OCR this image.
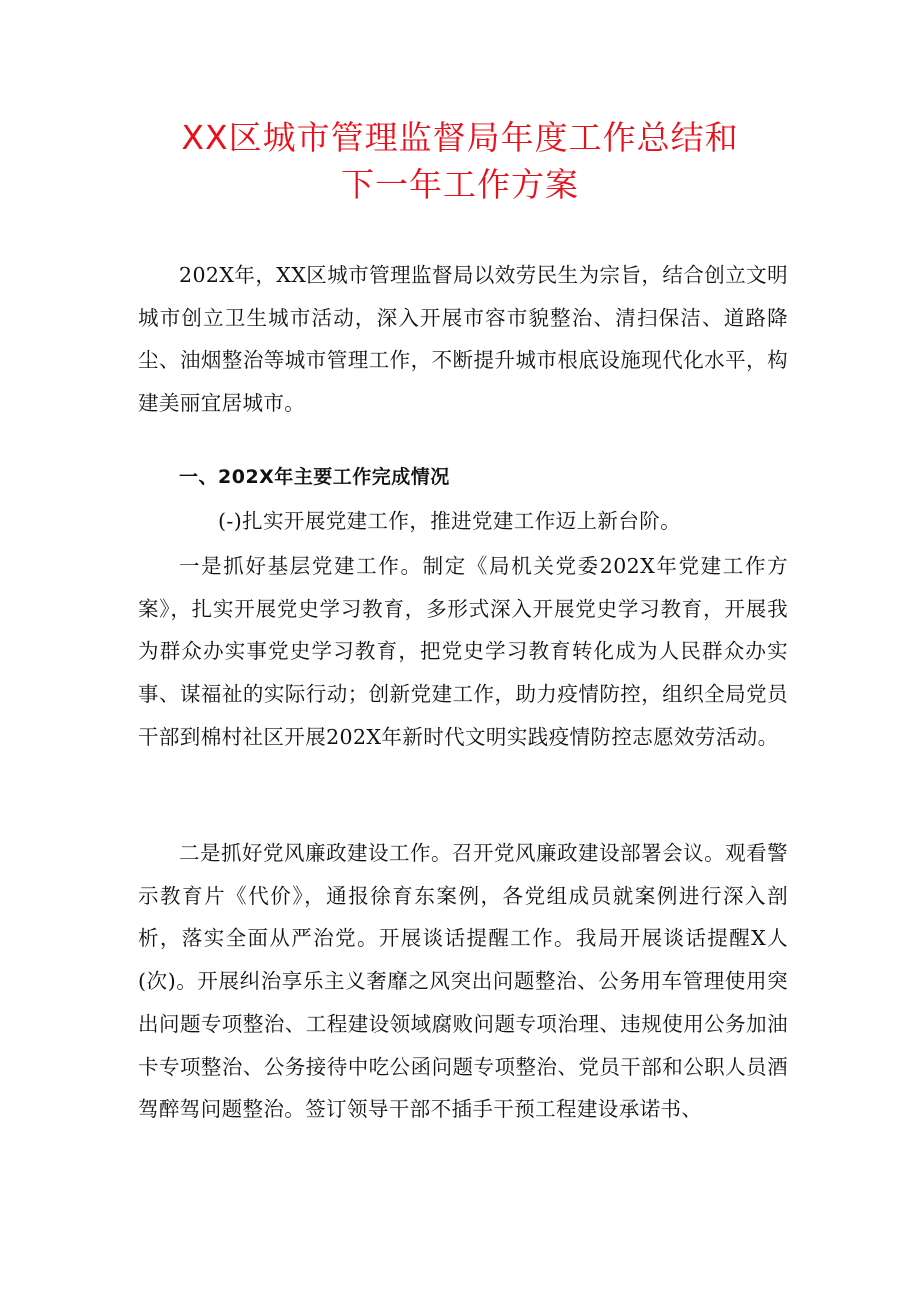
XX区城市管理监督局年度工作总结和
下一年工作方案

202X年，XX区城市管理监督局以效劳民生为宗旨，结合创立文明城市创立卫生城市活动，深入开展市容市貌整治、清扫保洁、道路降尘、油烟整治等城市管理工作，不断提升城市根底设施现代化水平，构建美丽宜居城市。

一、202X年主要工作完成情况

(-)扎实开展党建工作，推进党建工作迈上新台阶。

一是抓好基层党建工作。制定《局机关党委202X年党建工作方案》，扎实开展党史学习教育，多形式深入开展党史学习教育，开展我为群众办实事党史学习教育，把党史学习教育转化成为人民群众办实事、谋福祉的实际行动；创新党建工作，助力疫情防控，组织全局党员干部到棉村社区开展202X年新时代文明实践疫情防控志愿效劳活动。

二是抓好党风廉政建设工作。召开党风廉政建设部署会议。观看警示教育片《代价》，通报徐育东案例，各党组成员就案例进行深入剖析，落实全面从严治党。开展谈话提醒工作。我局开展谈话提醒X人(次)。开展纠治享乐主义奢靡之风突出问题整治、公务用车管理使用突出问题专项整治、工程建设领域腐败问题专项治理、违规使用公务加油卡专项整治、公务接待中吃公函问题专项整治、党员干部和公职人员酒驾醉驾问题整治。签订领导干部不插手干预工程建设承诺书、
